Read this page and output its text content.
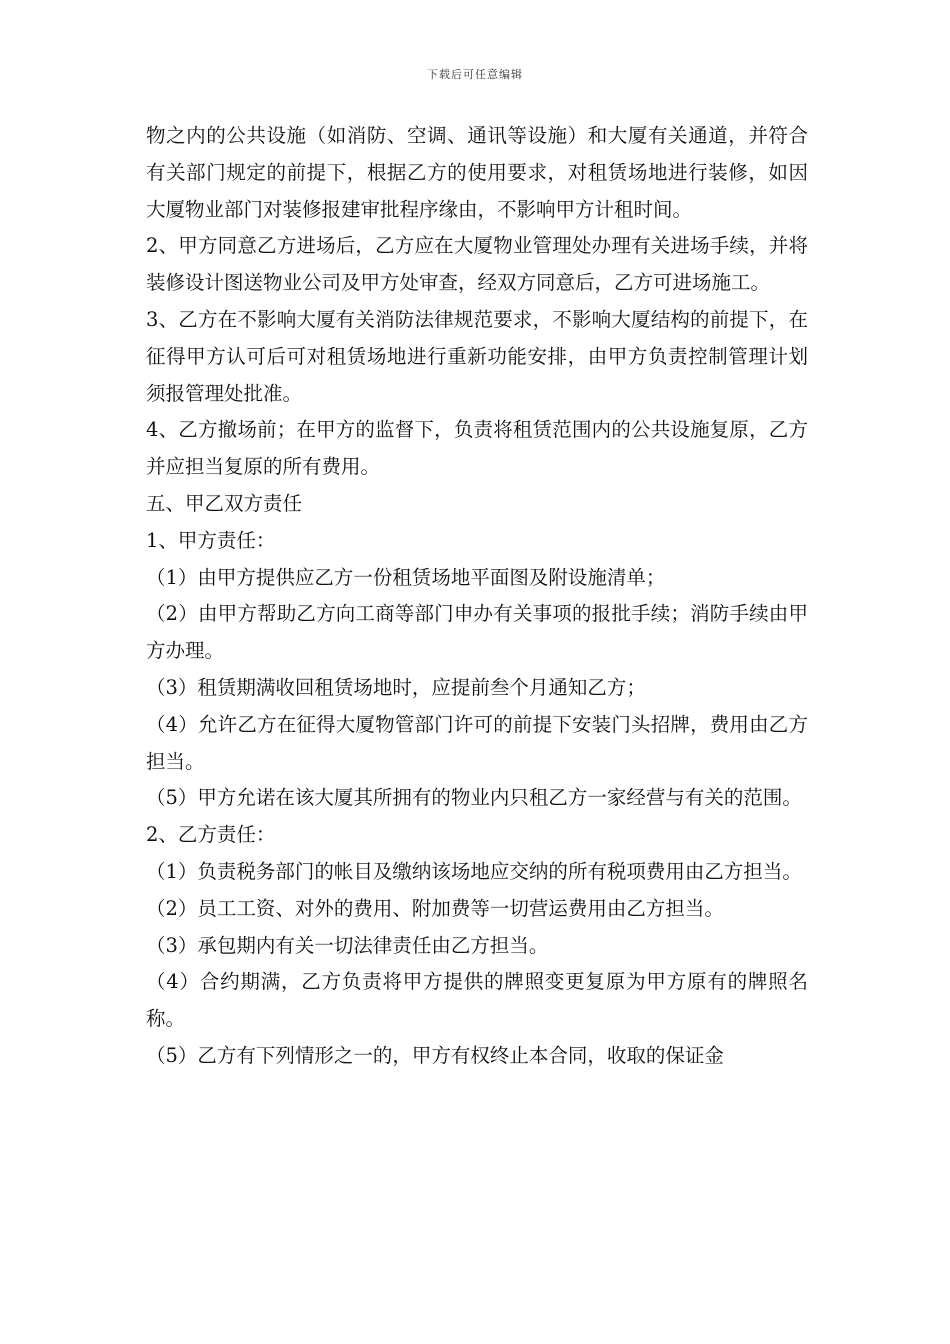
下载后可任意编辑

物之内的公共设施（如消防、空调、通讯等设施）和大厦有关通道，并符合有关部门规定的前提下，根据乙方的使用要求，对租赁场地进行装修，如因大厦物业部门对装修报建审批程序缘由，不影响甲方计租时间。

2、甲方同意乙方进场后，乙方应在大厦物业管理处办理有关进场手续，并将装修设计图送物业公司及甲方处审查，经双方同意后，乙方可进场施工。

3、乙方在不影响大厦有关消防法律规范要求，不影响大厦结构的前提下，在征得甲方认可后可对租赁场地进行重新功能安排，由甲方负责控制管理计划须报管理处批准。

4、乙方撤场前；在甲方的监督下，负责将租赁范围内的公共设施复原，乙方并应担当复原的所有费用。

五、甲乙双方责任

1、甲方责任：

（1）由甲方提供应乙方一份租赁场地平面图及附设施清单；

（2）由甲方帮助乙方向工商等部门申办有关事项的报批手续；消防手续由甲方办理。

（3）租赁期满收回租赁场地时，应提前叁个月通知乙方；

（4）允许乙方在征得大厦物管部门许可的前提下安装门头招牌，费用由乙方担当。

（5）甲方允诺在该大厦其所拥有的物业内只租乙方一家经营与有关的范围。

2、乙方责任：

（1）负责税务部门的帐目及缴纳该场地应交纳的所有税项费用由乙方担当。

（2）员工工资、对外的费用、附加费等一切营运费用由乙方担当。

（3）承包期内有关一切法律责任由乙方担当。

（4）合约期满，乙方负责将甲方提供的牌照变更复原为甲方原有的牌照名称。

（5）乙方有下列情形之一的，甲方有权终止本合同，收取的保证金
